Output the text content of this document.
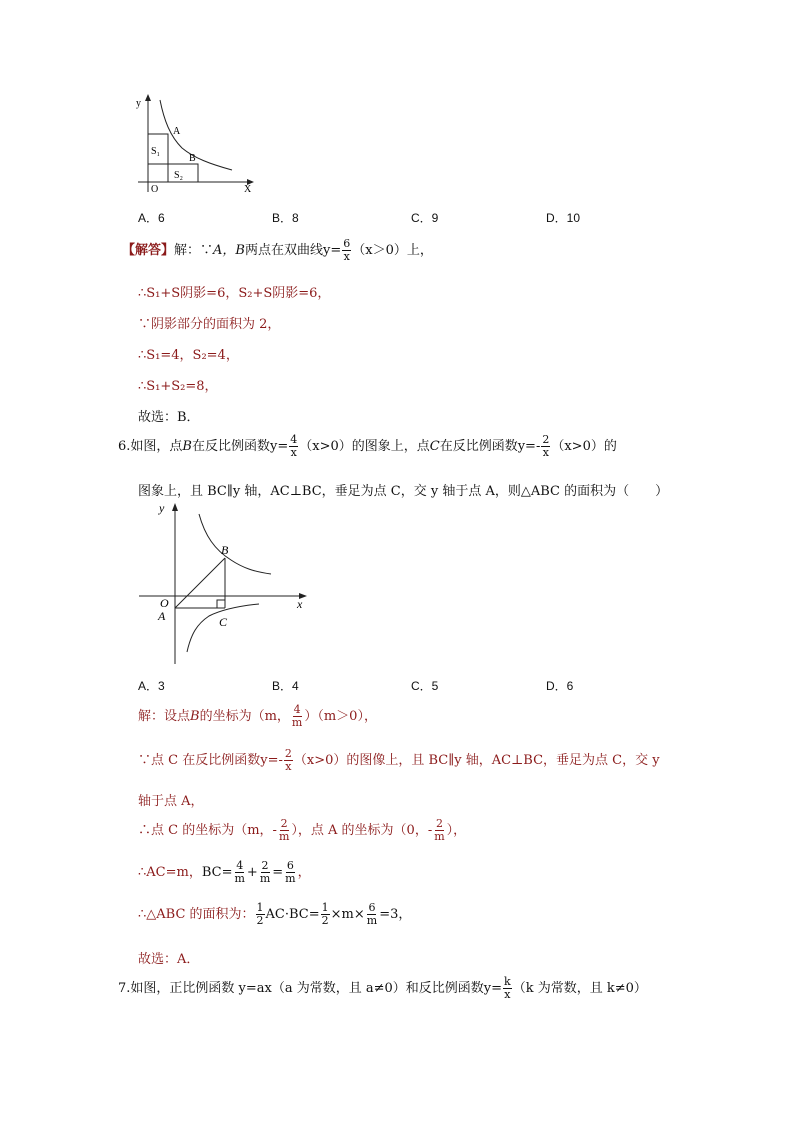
y
X
O
A
B
S₁
S₂
A．6	B．8	C．9	D．10
【解答】解：∵A，B两点在双曲线$y= \frac{6}{x} (x>0)$上，
∴S₁+S阴影=6，S₂+S阴影=6，
∵阴影部分的面积为 2，
∴S₁=4，S₂=4，
∴S₁+S₂=8，
故选：B．
6.如图，点B在反比例函数$y= \frac{4}{x} (x>0)$的图象上，点C在反比例函数$y=- \frac{2}{x} (x>0)$的
图象上，且 BC∥y 轴，AC⊥BC，垂足为点 C，交 y 轴于点 A，则△ABC 的面积为（　　）
y
x
O
A
B
C
A．3	B．4	C．5	D．6
解：设点B的坐标为（m， $\frac{4}{m} )(m>0)$，
∵点 C 在反比例函数$y=- \frac{2}{x} (x>0)$的图像上，且 BC∥y 轴，AC⊥BC，垂足为点 C，交 y
轴于点 A，
∴点 C 的坐标为（m，- $\frac{2}{m}$ ），点 A 的坐标为（0，- $\frac{2}{m}$ ），
∴AC=m，$BC= \frac{4}{m} + \frac{2}{m} = \frac{6}{m}$ ，
∴△ABC 的面积为： $\frac{1}{2} AC\cdot BC= \frac{1}{2} \times m\times \frac{6}{m} =3$，
故选：A．
7.如图，正比例函数 y=ax（a 为常数，且 a≠0）和反比例函数$y= \frac{k}{x} (k$ 为常数，且 k≠0）
